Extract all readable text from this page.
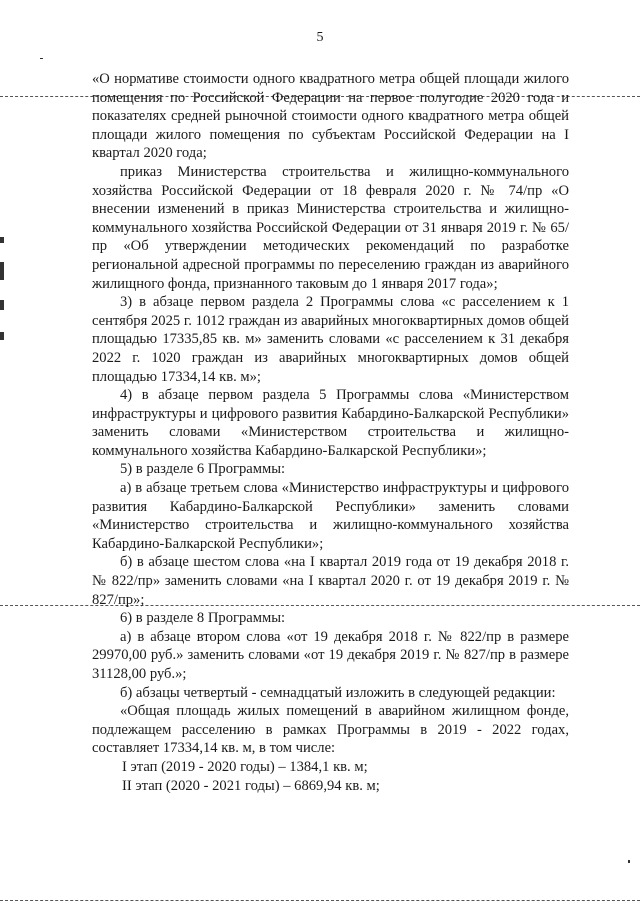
5

«О нормативе стоимости одного квадратного метра общей площади жилого помещения по Российской Федерации на первое полугодие 2020 года и показателях средней рыночной стоимости одного квадратного метра общей площади жилого помещения по субъектам Российской Федерации на I квартал 2020 года;

приказ Министерства строительства и жилищно-коммунального хозяйства Российской Федерации от 18 февраля 2020 г. № 74/пр «О внесении изменений в приказ Министерства строительства и жилищно-коммунального хозяйства Российской Федерации от 31 января 2019 г. № 65/пр «Об утверждении методических рекомендаций по разработке региональной адресной программы по переселению граждан из аварийного жилищного фонда, признанного таковым до 1 января 2017 года»;

3) в абзаце первом раздела 2 Программы слова «с расселением к 1 сентября 2025 г. 1012 граждан из аварийных многоквартирных домов общей площадью 17335,85 кв. м» заменить словами «с расселением к 31 декабря 2022 г. 1020 граждан из аварийных многоквартирных домов общей площадью 17334,14 кв. м»;

4) в абзаце первом раздела 5 Программы слова «Министерством инфраструктуры и цифрового развития Кабардино-Балкарской Республики» заменить словами «Министерством строительства и жилищно-коммунального хозяйства Кабардино-Балкарской Республики»;

5) в разделе 6 Программы:

а) в абзаце третьем слова «Министерство инфраструктуры и цифрового развития Кабардино-Балкарской Республики» заменить словами «Министерство строительства и жилищно-коммунального хозяйства Кабардино-Балкарской Республики»;

б) в абзаце шестом слова «на I квартал 2019 года от 19 декабря 2018 г. № 822/пр» заменить словами «на I квартал 2020 г. от 19 декабря 2019 г. № 827/пр»;

6) в разделе 8 Программы:

а) в абзаце втором слова «от 19 декабря 2018 г. № 822/пр в размере 29970,00 руб.» заменить словами «от 19 декабря 2019 г. № 827/пр в размере 31128,00 руб.»;

б) абзацы четвертый - семнадцатый изложить в следующей редакции:

«Общая площадь жилых помещений в аварийном жилищном фонде, подлежащем расселению в рамках Программы в 2019 - 2022 годах, составляет 17334,14 кв. м, в том числе:

I этап (2019 - 2020 годы) – 1384,1 кв. м;

II этап (2020 - 2021 годы) – 6869,94 кв. м;
